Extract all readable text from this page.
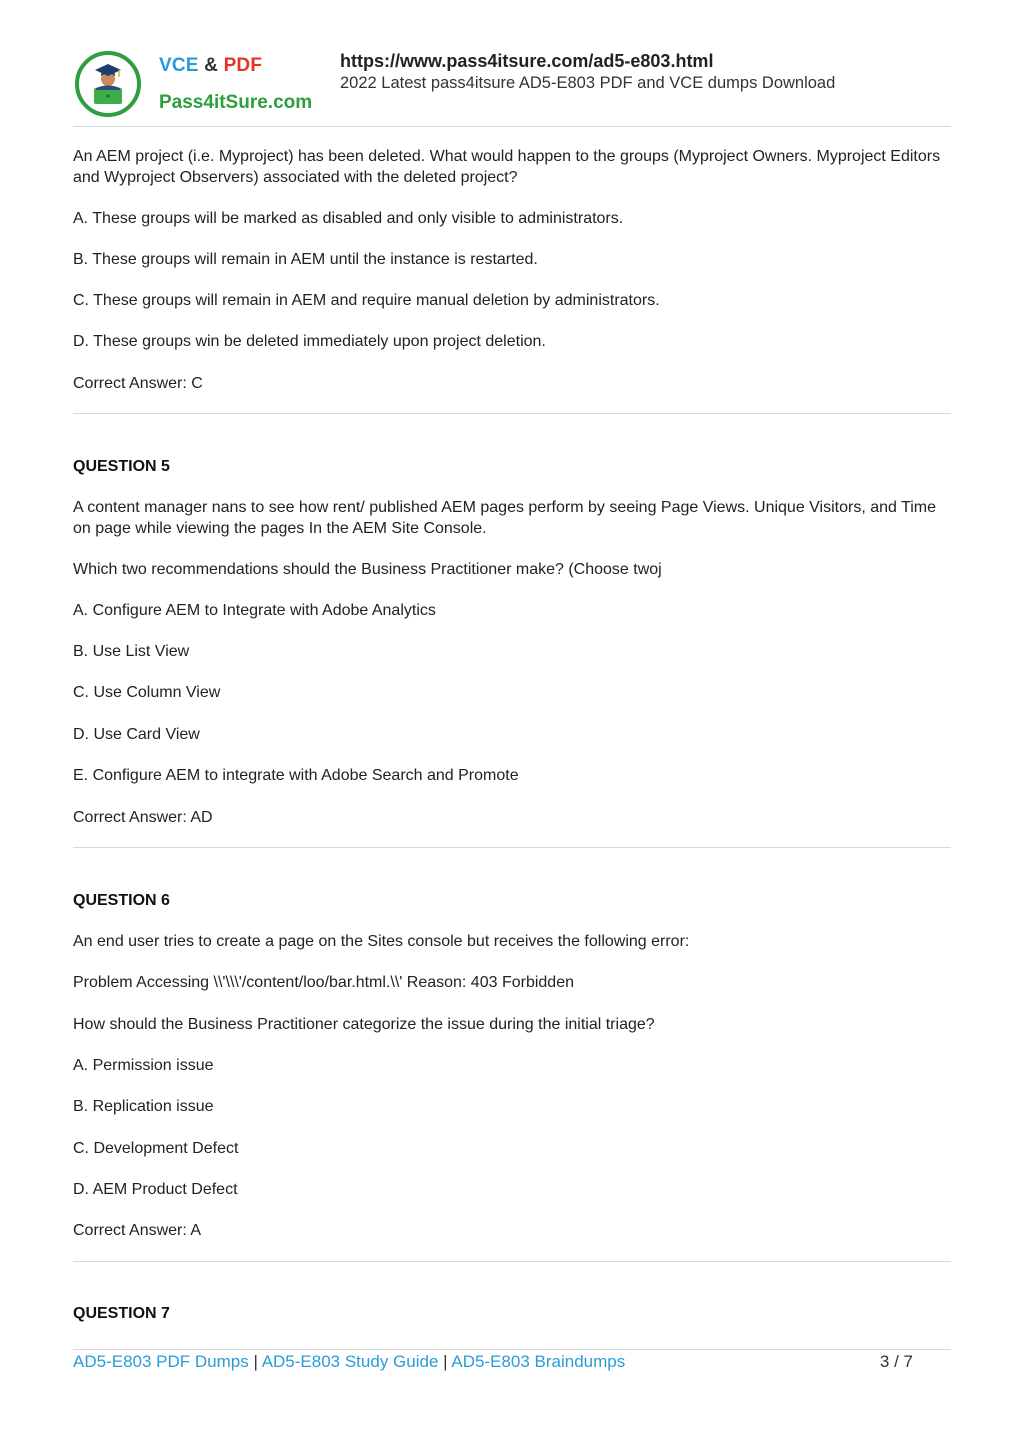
VCE & PDF
Pass4itSure.com
https://www.pass4itsure.com/ad5-e803.html
2022 Latest pass4itsure AD5-E803 PDF and VCE dumps Download

An AEM project (i.e. Myproject) has been deleted. What would happen to the groups (Myproject Owners. Myproject Editors and Wyproject Observers) associated with the deleted project?

A. These groups will be marked as disabled and only visible to administrators.

B. These groups will remain in AEM until the instance is restarted.

C. These groups will remain in AEM and require manual deletion by administrators.

D. These groups win be deleted immediately upon project deletion.

Correct Answer: C

QUESTION 5

A content manager nans to see how rent/ published AEM pages perform by seeing Page Views. Unique Visitors, and Time on page while viewing the pages In the AEM Site Console.

Which two recommendations should the Business Practitioner make? (Choose twoj

A. Configure AEM to Integrate with Adobe Analytics

B. Use List View

C. Use Column View

D. Use Card View

E. Configure AEM to integrate with Adobe Search and Promote

Correct Answer: AD

QUESTION 6

An end user tries to create a page on the Sites console but receives the following error:

Problem Accessing \\'\\\'/content/loo/bar.html.\\' Reason: 403 Forbidden

How should the Business Practitioner categorize the issue during the initial triage?

A. Permission issue

B. Replication issue

C. Development Defect

D. AEM Product Defect

Correct Answer: A

QUESTION 7

AD5-E803 PDF Dumps | AD5-E803 Study Guide | AD5-E803 Braindumps	3 / 7
